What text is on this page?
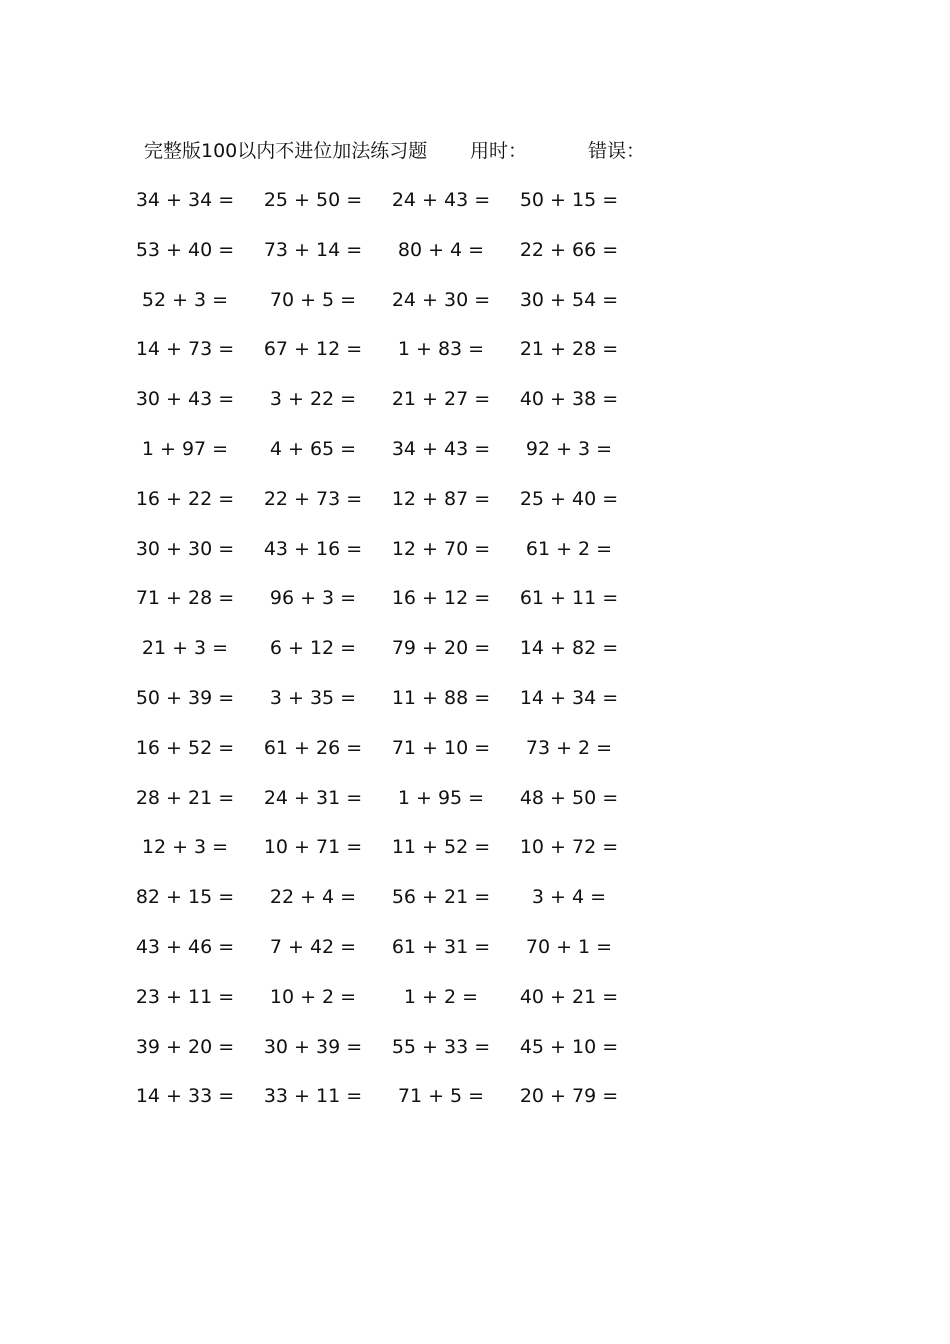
完整版100以内不进位加法练习题 用时：	错误：
34 + 34 =	25 + 50 =	24 + 43 =	50 + 15 =
53 + 40 =	73 + 14 =	80 + 4 =	22 + 66 =
52 + 3 =	70 + 5 =	24 + 30 =	30 + 54 =
14 + 73 =	67 + 12 =	1 + 83 =	21 + 28 =
30 + 43 =	3 + 22 =	21 + 27 =	40 + 38 =
1 + 97 =	4 + 65 =	34 + 43 =	92 + 3 =
16 + 22 =	22 + 73 =	12 + 87 =	25 + 40 =
30 + 30 =	43 + 16 =	12 + 70 =	61 + 2 =
71 + 28 =	96 + 3 =	16 + 12 =	61 + 11 =
21 + 3 =	6 + 12 =	79 + 20 =	14 + 82 =
50 + 39 =	3 + 35 =	11 + 88 =	14 + 34 =
16 + 52 =	61 + 26 =	71 + 10 =	73 + 2 =
28 + 21 =	24 + 31 =	1 + 95 =	48 + 50 =
12 + 3 =	10 + 71 =	11 + 52 =	10 + 72 =
82 + 15 =	22 + 4 =	56 + 21 =	3 + 4 =
43 + 46 =	7 + 42 =	61 + 31 =	70 + 1 =
23 + 11 =	10 + 2 =	1 + 2 =	40 + 21 =
39 + 20 =	30 + 39 =	55 + 33 =	45 + 10 =
14 + 33 =	33 + 11 =	71 + 5 =	20 + 79 =
